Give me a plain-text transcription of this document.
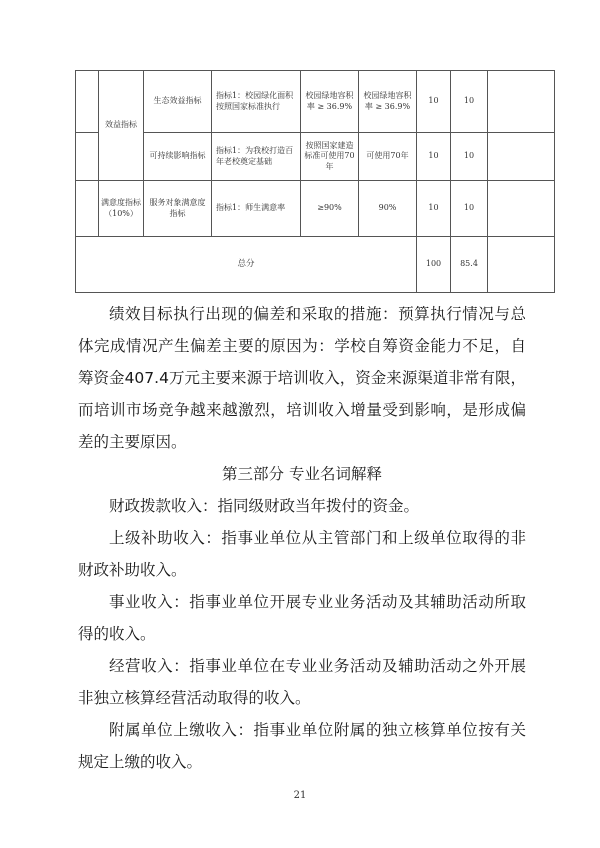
	效益指标	生态效益指标	指标1：校园绿化面积按照国家标准执行	校园绿地容积率 ≥ 36.9%	校园绿地容积率 ≥ 36.9%	10	10	
		可持续影响指标	指标1：为我校打造百年老校奠定基础	按照国家建造标准可使用70年	可使用70年	10	10	
	满意度指标（10%）	服务对象满意度指标	指标1：师生满意率	≥90%	90%	10	10	
总分						100	85.4	

绩效目标执行出现的偏差和采取的措施：预算执行情况与总体完成情况产生偏差主要的原因为：学校自筹资金能力不足，自筹资金407.4万元主要来源于培训收入，资金来源渠道非常有限，而培训市场竞争越来越激烈，培训收入增量受到影响，是形成偏差的主要原因。

第三部分 专业名词解释

财政拨款收入：指同级财政当年拨付的资金。

上级补助收入：指事业单位从主管部门和上级单位取得的非财政补助收入。

事业收入：指事业单位开展专业业务活动及其辅助活动所取得的收入。

经营收入：指事业单位在专业业务活动及辅助活动之外开展非独立核算经营活动取得的收入。

附属单位上缴收入：指事业单位附属的独立核算单位按有关规定上缴的收入。

21
